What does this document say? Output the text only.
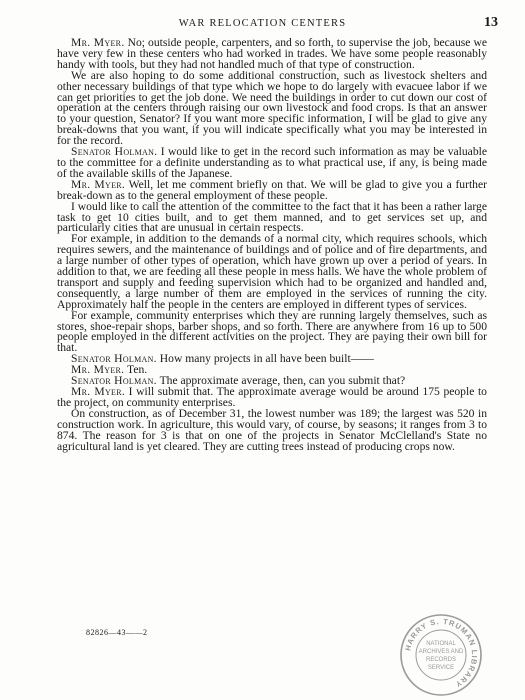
WAR RELOCATION CENTERS	13

Mr. Myer. No; outside people, carpenters, and so forth, to supervise the job, because we have very few in these centers who had worked in trades. We have some people reasonably handy with tools, but they had not handled much of that type of construction.

We are also hoping to do some additional construction, such as livestock shelters and other necessary buildings of that type which we hope to do largely with evacuee labor if we can get priorities to get the job done. We need the buildings in order to cut down our cost of operation at the centers through raising our own livestock and food crops. Is that an answer to your question, Senator? If you want more specific information, I will be glad to give any break-downs that you want, if you will indicate specifically what you may be interested in for the record.

Senator Holman. I would like to get in the record such information as may be valuable to the committee for a definite understanding as to what practical use, if any, is being made of the available skills of the Japanese.

Mr. Myer. Well, let me comment briefly on that. We will be glad to give you a further break-down as to the general employment of these people.

I would like to call the attention of the committee to the fact that it has been a rather large task to get 10 cities built, and to get them manned, and to get services set up, and particularly cities that are unusual in certain respects.

For example, in addition to the demands of a normal city, which requires schools, which requires sewers, and the maintenance of buildings and of police and of fire departments, and a large number of other types of operation, which have grown up over a period of years. In addition to that, we are feeding all these people in mess halls. We have the whole problem of transport and supply and feeding supervision which had to be organized and handled and, consequently, a large number of them are employed in the services of running the city. Approximately half the people in the centers are employed in different types of services.

For example, community enterprises which they are running largely themselves, such as stores, shoe-repair shops, barber shops, and so forth. There are anywhere from 16 up to 500 people employed in the different activities on the project. They are paying their own bill for that.

Senator Holman. How many projects in all have been built——

Mr. Myer. Ten.

Senator Holman. The approximate average, then, can you submit that?

Mr. Myer. I will submit that. The approximate average would be around 175 people to the project, on community enterprises.

On construction, as of December 31, the lowest number was 189; the largest was 520 in construction work. In agriculture, this would vary, of course, by seasons; it ranges from 3 to 874. The reason for 3 is that on one of the projects in Senator McClelland's State no agricultural land is yet cleared. They are cutting trees instead of producing crops now.

82826—43——2
HARRY S. TRUMAN LIBRARY
NATIONAL
ARCHIVES AND
RECORDS
SERVICE
